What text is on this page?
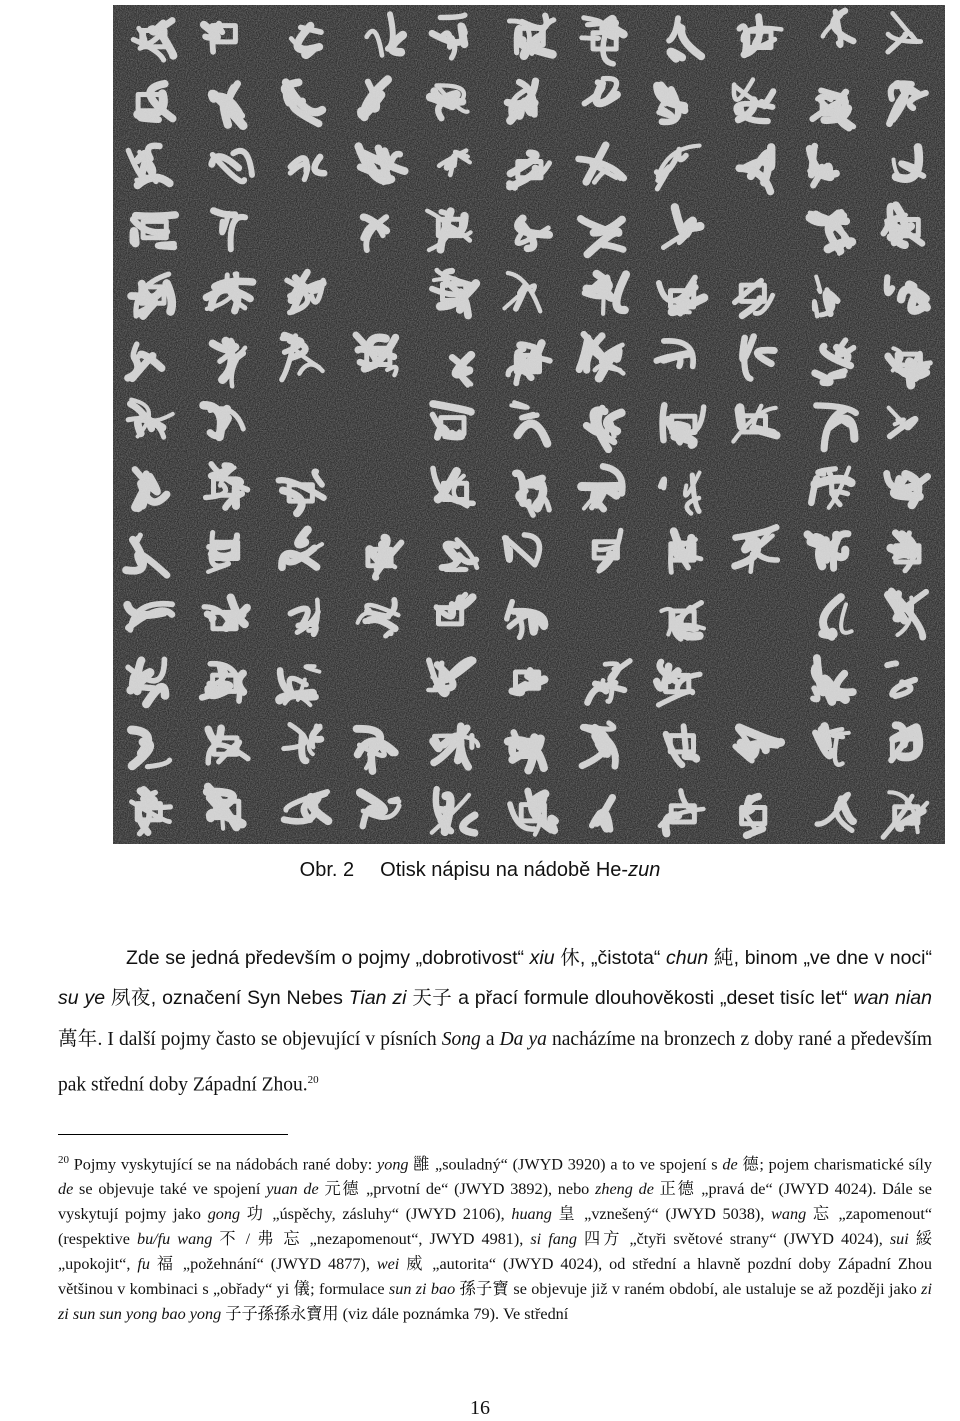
Obr. 2 Otisk nápisu na nádobě He-zun
Zde se jedná především o pojmy „dobrotivost“ xiu 休, „čistota“ chun 純, binom „ve dne v noci“ su ye 夙夜, označení Syn Nebes Tian zi 天子 a přací formule dlouhověkosti „deset tisíc let“ wan nian 萬年. I další pojmy často se objevující v písních Song a Da ya nacházíme na bronzech z doby rané a především pak střední doby Západní Zhou.$^{20}$
$^{20}$ Pojmy vyskytující se na nádobách rané doby: yong 雝 „souladný“ (JWYD 3920) a to ve spojení s de 德; pojem charismatické síly de se objevuje také ve spojení yuan de 元德 „prvotní de“ (JWYD 3892), nebo zheng de 正德 „pravá de“ (JWYD 4024). Dále se vyskytují pojmy jako gong 功 „úspěchy, zásluhy“ (JWYD 2106), huang 皇 „vznešený“ (JWYD 5038), wang 忘 „zapomenout“ (respektive bu/fu wang 不 / 弗 忘 „nezapomenout“, JWYD 4981), si fang 四方 „čtyři světové strany“ (JWYD 4024), sui 綏 „upokojit“, fu 福 „požehnání“ (JWYD 4877), wei 威 „autorita“ (JWYD 4024), od střední a hlavně pozdní doby Západní Zhou většinou v kombinaci s „obřady“ yi 儀; formulace sun zi bao 孫子寶 se objevuje již v raném období, ale ustaluje se až později jako zi zi sun sun yong bao yong 子子孫孫永寶用 (viz dále poznámka 79). Ve střední
16
